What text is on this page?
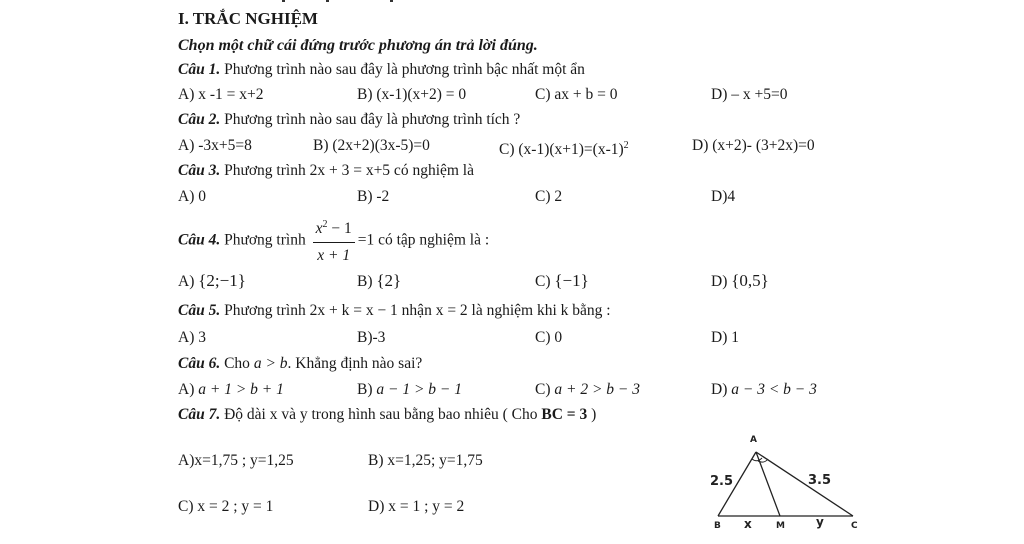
I. TRẮC NGHIỆM
Chọn một chữ cái đứng trước phương án trả lời đúng.
Câu 1. Phương trình nào sau đây là phương trình bậc nhất một ẩn
A) x -1 = x+2	B) (x-1)(x+2) = 0	C) ax + b = 0	D) – x +5=0
Câu 2. Phương trình nào sau đây là phương trình tích ?
A) -3x+5=8	B) (2x+2)(3x-5)=0	C) $(x-1)(x+1)=(x-1)^2$	D) (x+2)- (3+2x)=0
Câu 3. Phương trình 2x + 3 = x+5 có nghiệm là
A) 0	B) -2	C) 2	D)4
Câu 4. Phương trình $\frac{x^2 - 1}{x + 1} =1$ có tập nghiệm là :
A) {2;−1}	B) {2}	C) {−1}	D) {0,5}
Câu 5. Phương trình 2x + k = x − 1 nhận x = 2 là nghiệm khi k bằng :
A) 3	B)-3	C) 0	D) 1
Câu 6. Cho a > b. Khẳng định nào sai?
A) a + 1 > b + 1	B) a − 1 > b − 1	C) a + 2 > b − 3	D) a − 3 < b − 3
Câu 7. Độ dài x và y trong hình sau bằng bao nhiêu ( Cho BC = 3 )
A)x=1,75 ; y=1,25	B) x=1,25; y=1,75
C) x = 2 ; y = 1	D) x = 1 ; y = 2
A
B	M	C
2.5	3.5
x	y
